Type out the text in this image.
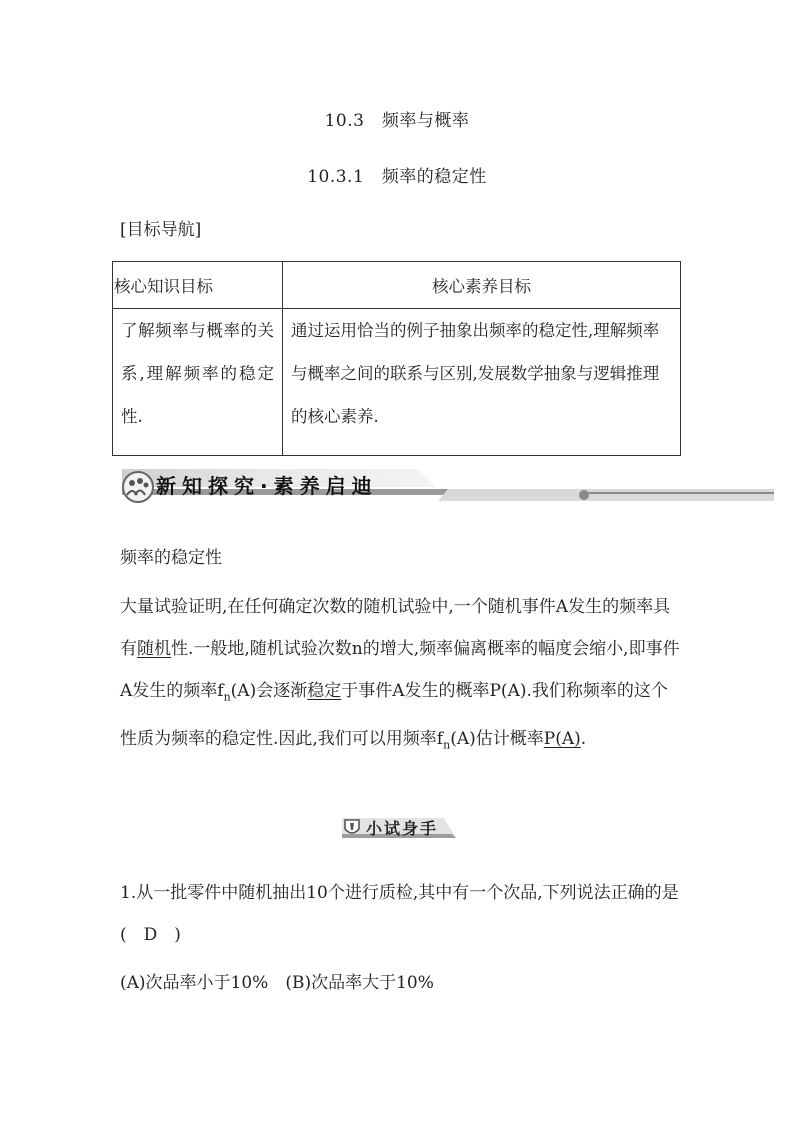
10.3　频率与概率
10.3.1　频率的稳定性
[目标导航]
核心知识目标	核心素养目标
了解频率与概率的关系,理解频率的稳定性.	通过运用恰当的例子抽象出频率的稳定性,理解频率与概率之间的联系与区别,发展数学抽象与逻辑推理的核心素养.
新知探究·素养启迪
频率的稳定性
大量试验证明,在任何确定次数的随机试验中,一个随机事件A发生的频率具有随机性.一般地,随机试验次数n的增大,频率偏离概率的幅度会缩小,即事件A发生的频率$f_n(A)$会逐渐稳定于事件A发生的概率P(A).我们称频率的这个性质为频率的稳定性.因此,我们可以用频率$f_n(A)$估计概率P(A).
小试身手
1.从一批零件中随机抽出10个进行质检,其中有一个次品,下列说法正确的是(　D　)
(A)次品率小于10%　(B)次品率大于10%
